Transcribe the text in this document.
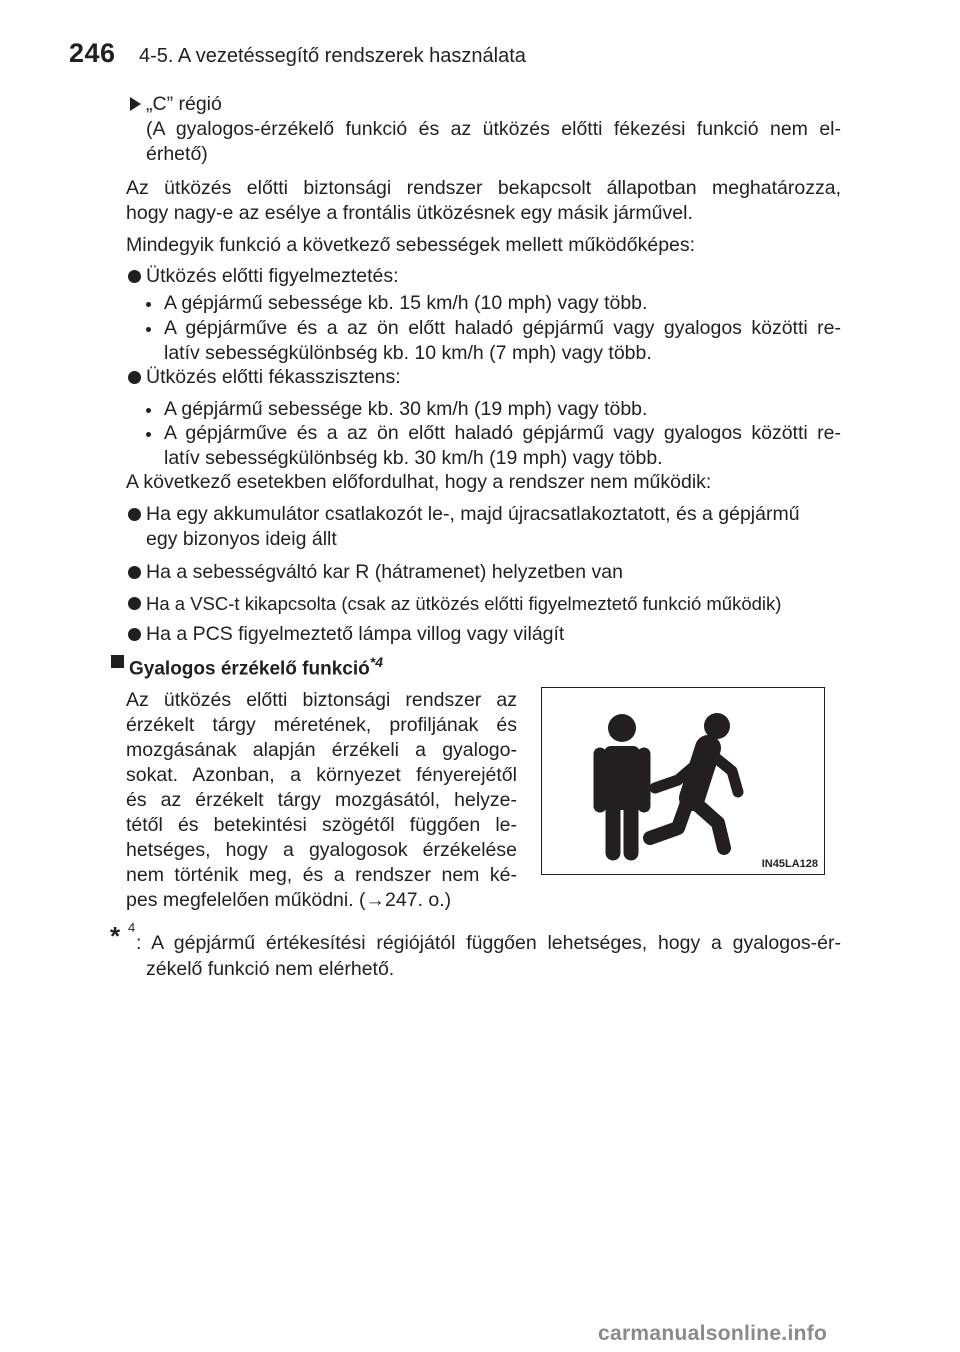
246 4-5. A vezetéssegítő rendszerek használata
„C” régió
(A gyalogos-érzékelő funkció és az ütközés előtti fékezési funkció nem el-
érhető)
Az ütközés előtti biztonsági rendszer bekapcsolt állapotban meghatározza,
hogy nagy-e az esélye a frontális ütközésnek egy másik járművel.
Mindegyik funkció a következő sebességek mellett működőképes:
Ütközés előtti figyelmeztetés:
A gépjármű sebessége kb. 15 km/h (10 mph) vagy több.
A gépjárműve és a az ön előtt haladó gépjármű vagy gyalogos közötti re-
latív sebességkülönbség kb. 10 km/h (7 mph) vagy több.
Ütközés előtti fékasszisztens:
A gépjármű sebessége kb. 30 km/h (19 mph) vagy több.
A gépjárműve és a az ön előtt haladó gépjármű vagy gyalogos közötti re-
latív sebességkülönbség kb. 30 km/h (19 mph) vagy több.
A következő esetekben előfordulhat, hogy a rendszer nem működik:
Ha egy akkumulátor csatlakozót le-, majd újracsatlakoztatott, és a gépjármű
egy bizonyos ideig állt
Ha a sebességváltó kar R (hátramenet) helyzetben van
Ha a VSC-t kikapcsolta (csak az ütközés előtti figyelmeztető funkció működik)
Ha a PCS figyelmeztető lámpa villog vagy világít
Gyalogos érzékelő funkció$^{*4}$
Az ütközés előtti biztonsági rendszer az
érzékelt tárgy méretének, profiljának és
mozgásának alapján érzékeli a gyalogo-
sokat. Azonban, a környezet fényerejétől
és az érzékelt tárgy mozgásától, helyze-
tétől és betekintési szögétől függően le-
hetséges, hogy a gyalogosok érzékelése
nem történik meg, és a rendszer nem ké-
pes megfelelően működni. (→247. o.)
IN45LA128
* 4
: A gépjármű értékesítési régiójától függően lehetséges, hogy a gyalogos-ér-
zékelő funkció nem elérhető.
carmanualsonline.info
